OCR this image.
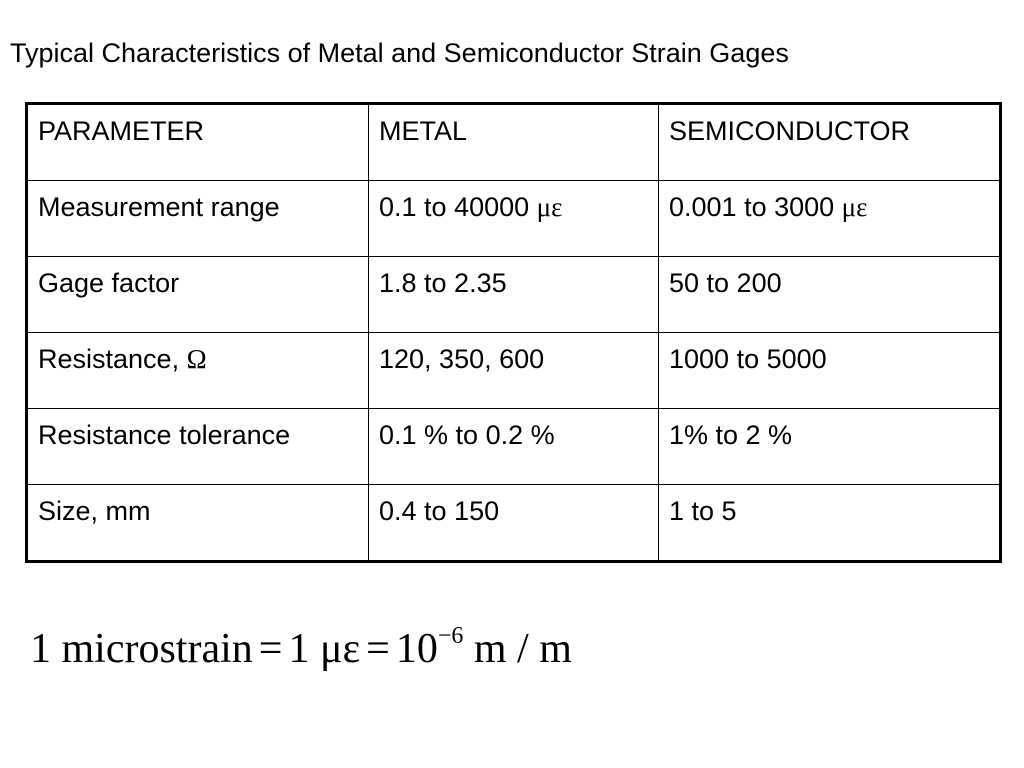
Typical Characteristics of Metal and Semiconductor Strain Gages
PARAMETER	METAL	SEMICONDUCTOR
Measurement range	0.1 to 40000 με	0.001 to 3000 με
Gage factor	1.8 to 2.35	50 to 200
Resistance, Ω	120, 350, 600	1000 to 5000
Resistance tolerance	0.1 % to 0.2 %	1% to 2 %
Size, mm	0.4 to 150	1 to 5
1 microstrain = 1 $\mu\varepsilon = 10^{-6}$ m / m
